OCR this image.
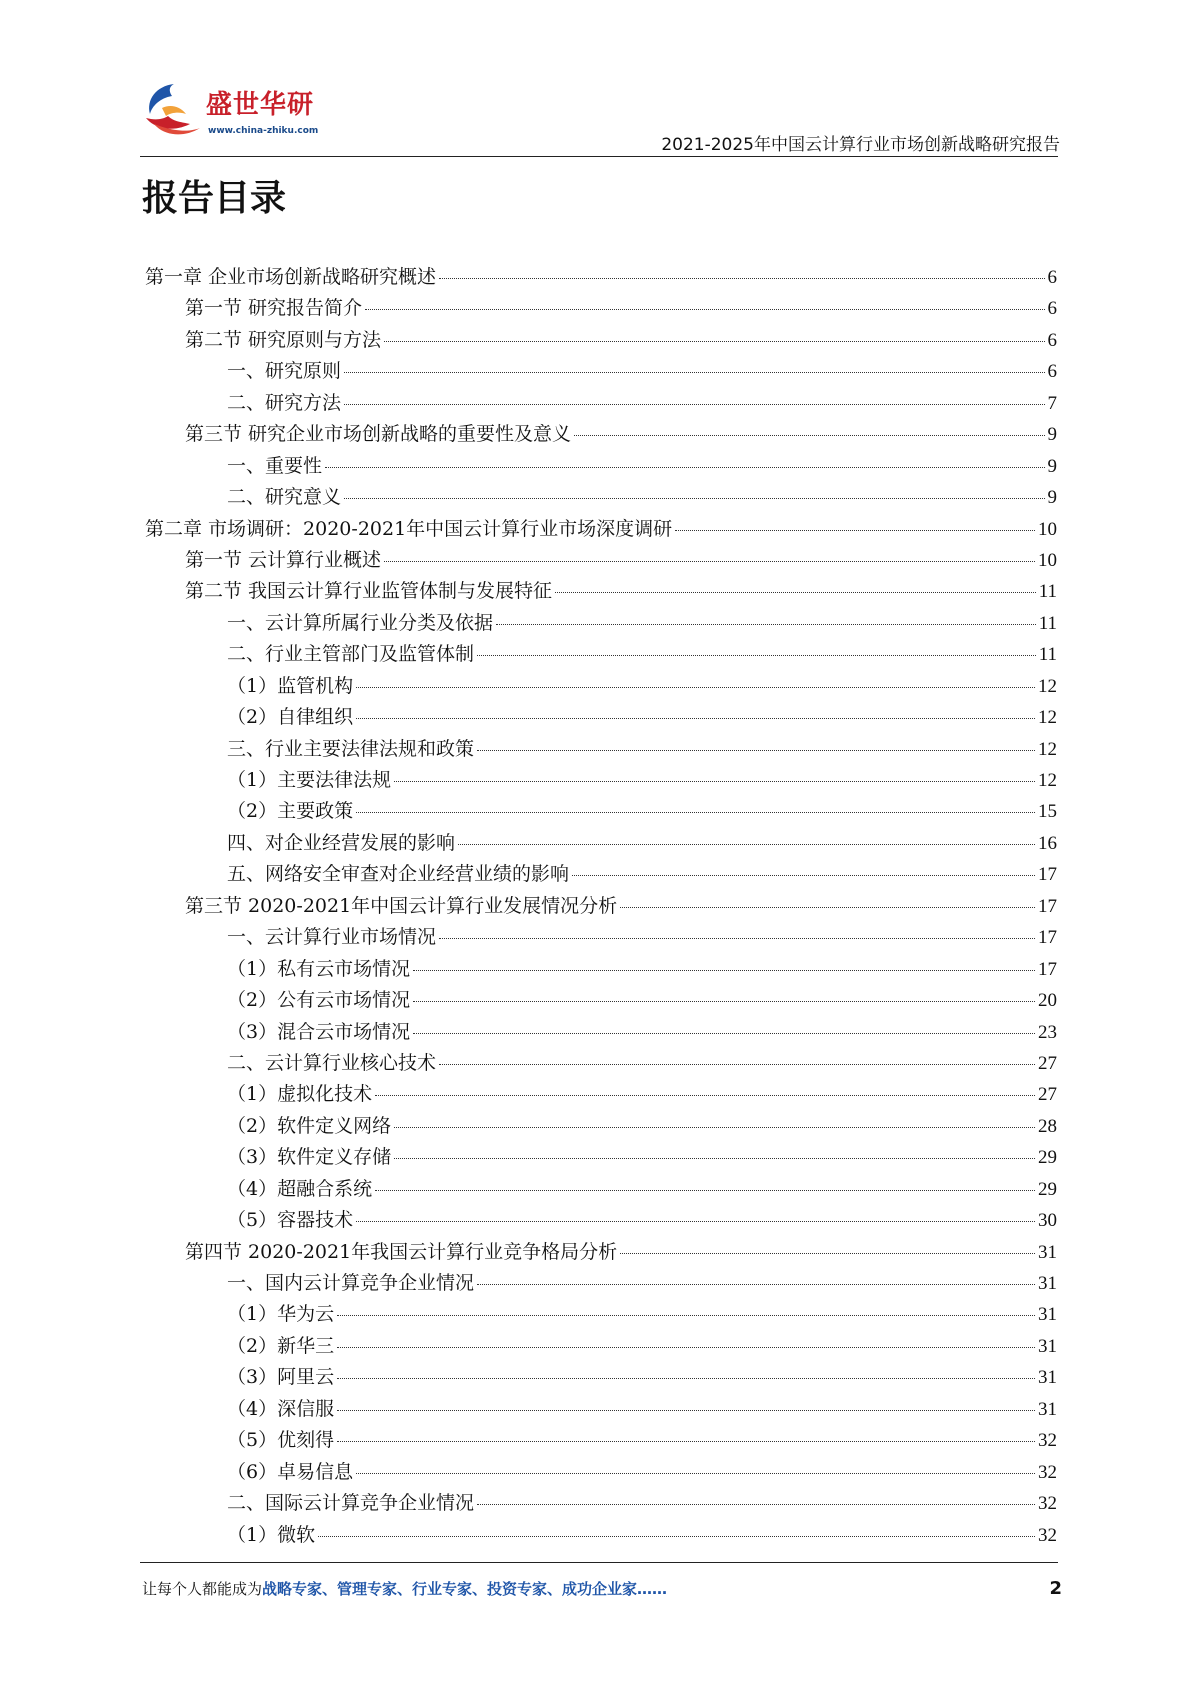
盛世华研
www.china-zhiku.com
2021-2025年中国云计算行业市场创新战略研究报告
报告目录
第一章 企业市场创新战略研究概述	6
第一节 研究报告简介	6
第二节 研究原则与方法	6
一、研究原则	6
二、研究方法	7
第三节 研究企业市场创新战略的重要性及意义	9
一、重要性	9
二、研究意义	9
第二章 市场调研：2020-2021年中国云计算行业市场深度调研	10
第一节 云计算行业概述	10
第二节 我国云计算行业监管体制与发展特征	11
一、云计算所属行业分类及依据	11
二、行业主管部门及监管体制	11
（1）监管机构	12
（2）自律组织	12
三、行业主要法律法规和政策	12
（1）主要法律法规	12
（2）主要政策	15
四、对企业经营发展的影响	16
五、网络安全审查对企业经营业绩的影响	17
第三节 2020-2021年中国云计算行业发展情况分析	17
一、云计算行业市场情况	17
（1）私有云市场情况	17
（2）公有云市场情况	20
（3）混合云市场情况	23
二、云计算行业核心技术	27
（1）虚拟化技术	27
（2）软件定义网络	28
（3）软件定义存储	29
（4）超融合系统	29
（5）容器技术	30
第四节 2020-2021年我国云计算行业竞争格局分析	31
一、国内云计算竞争企业情况	31
（1）华为云	31
（2）新华三	31
（3）阿里云	31
（4）深信服	31
（5）优刻得	32
（6）卓易信息	32
二、国际云计算竞争企业情况	32
（1）微软	32
让每个人都能成为战略专家、管理专家、行业专家、投资专家、成功企业家……	2
